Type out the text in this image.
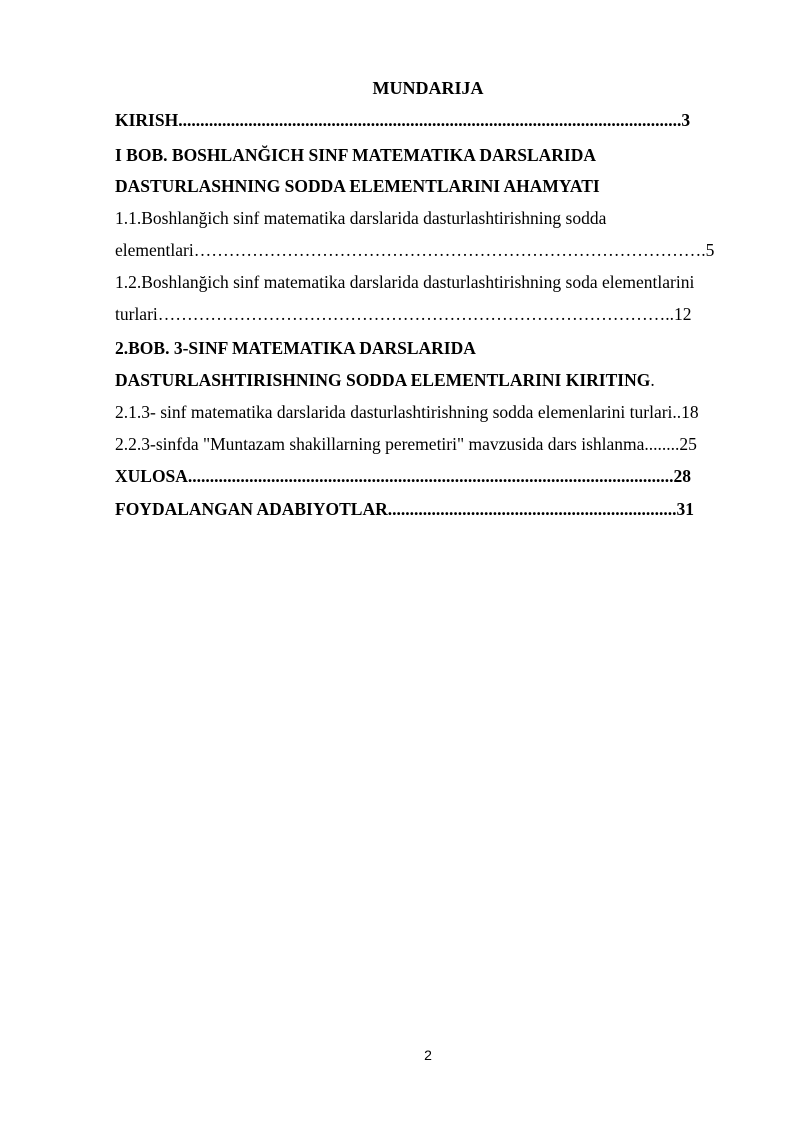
MUNDARIJA
KIRISH...................................................................................................................3
I BOB. BOSHLANĞICH SINF MATEMATIKA DARSLARIDA
DASTURLASHNING SODDA ELEMENTLARINI AHAMYATI
1.1.Boshlanğich sinf matematika darslarida dasturlashtirishning sodda
elementlari…………………………………………………………………………….5
1.2.Boshlanğich sinf matematika darslarida dasturlashtirishning soda elementlarini
turlari……………………………………………………………………………..12
2.BOB. 3-SINF MATEMATIKA DARSLARIDA
DASTURLASHTIRISHNING SODDA ELEMENTLARINI KIRITING.
2.1.3- sinf matematika darslarida dasturlashtirishning sodda elemenlarini turlari..18
2.2.3-sinfda "Muntazam shakillarning peremetiri" mavzusida dars ishlanma........25
XULOSA...............................................................................................................28
FOYDALANGAN ADABIYOTLAR..................................................................31
2
